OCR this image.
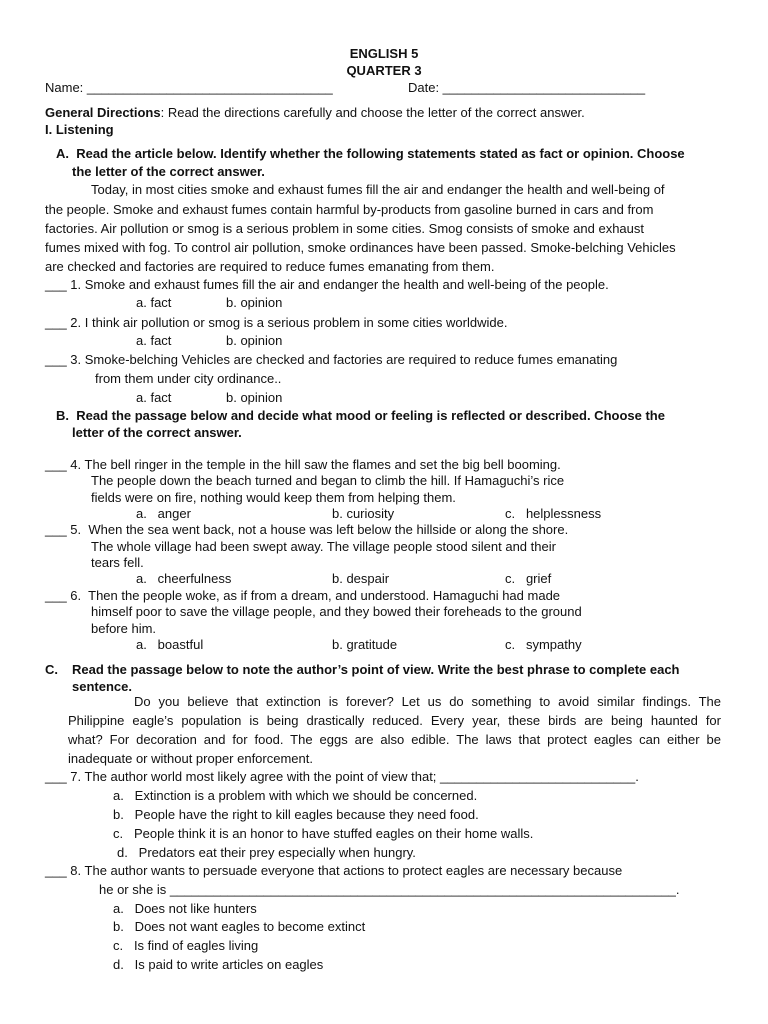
ENGLISH 5
QUARTER 3
Name: __________________________________	Date: ____________________________
General Directions: Read the directions carefully and choose the letter of the correct answer.
I. Listening
A.  Read the article below. Identify whether the following statements stated as fact or opinion. Choose
the letter of the correct answer.
Today, in most cities smoke and exhaust fumes fill the air and endanger the health and well-being of
the people. Smoke and exhaust fumes contain harmful by-products from gasoline burned in cars and from
factories. Air pollution or smog is a serious problem in some cities. Smog consists of smoke and exhaust
fumes mixed with fog. To control air pollution, smoke ordinances have been passed. Smoke-belching Vehicles
are checked and factories are required to reduce fumes emanating from them.
___ 1. Smoke and exhaust fumes fill the air and endanger the health and well-being of the people.
a. fact	b. opinion
___ 2. I think air pollution or smog is a serious problem in some cities worldwide.
a. fact	b. opinion
___ 3. Smoke-belching Vehicles are checked and factories are required to reduce fumes emanating
from them under city ordinance..
a. fact	b. opinion
B.  Read the passage below and decide what mood or feeling is reflected or described. Choose the
letter of the correct answer.
___ 4. The bell ringer in the temple in the hill saw the flames and set the big bell booming.
The people down the beach turned and began to climb the hill. If Hamaguchi’s rice
fields were on fire, nothing would keep them from helping them.
a.   anger	b. curiosity	c.   helplessness
___ 5.  When the sea went back, not a house was left below the hillside or along the shore.
The whole village had been swept away. The village people stood silent and their
tears fell.
a.   cheerfulness	b. despair	c.   grief
___ 6.  Then the people woke, as if from a dream, and understood. Hamaguchi had made
himself poor to save the village people, and they bowed their foreheads to the ground
before him.
a.   boastful	b. gratitude	c.   sympathy
C. Read the passage below to note the author’s point of view. Write the best phrase to complete each
sentence.
Do you believe that extinction is forever? Let us do something to avoid similar findings. The
Philippine eagle’s population is being drastically reduced. Every year, these birds are being haunted for
what? For decoration and for food. The eggs are also edible. The laws that protect eagles can either be
inadequate or without proper enforcement.
___ 7. The author world most likely agree with the point of view that; ___________________________.
a.   Extinction is a problem with which we should be concerned.
b.   People have the right to kill eagles because they need food.
c.   People think it is an honor to have stuffed eagles on their home walls.
d.   Predators eat their prey especially when hungry.
___ 8. The author wants to persuade everyone that actions to protect eagles are necessary because
he or she is ______________________________________________________________________.
a.   Does not like hunters
b.   Does not want eagles to become extinct
c.   Is find of eagles living
d.   Is paid to write articles on eagles
